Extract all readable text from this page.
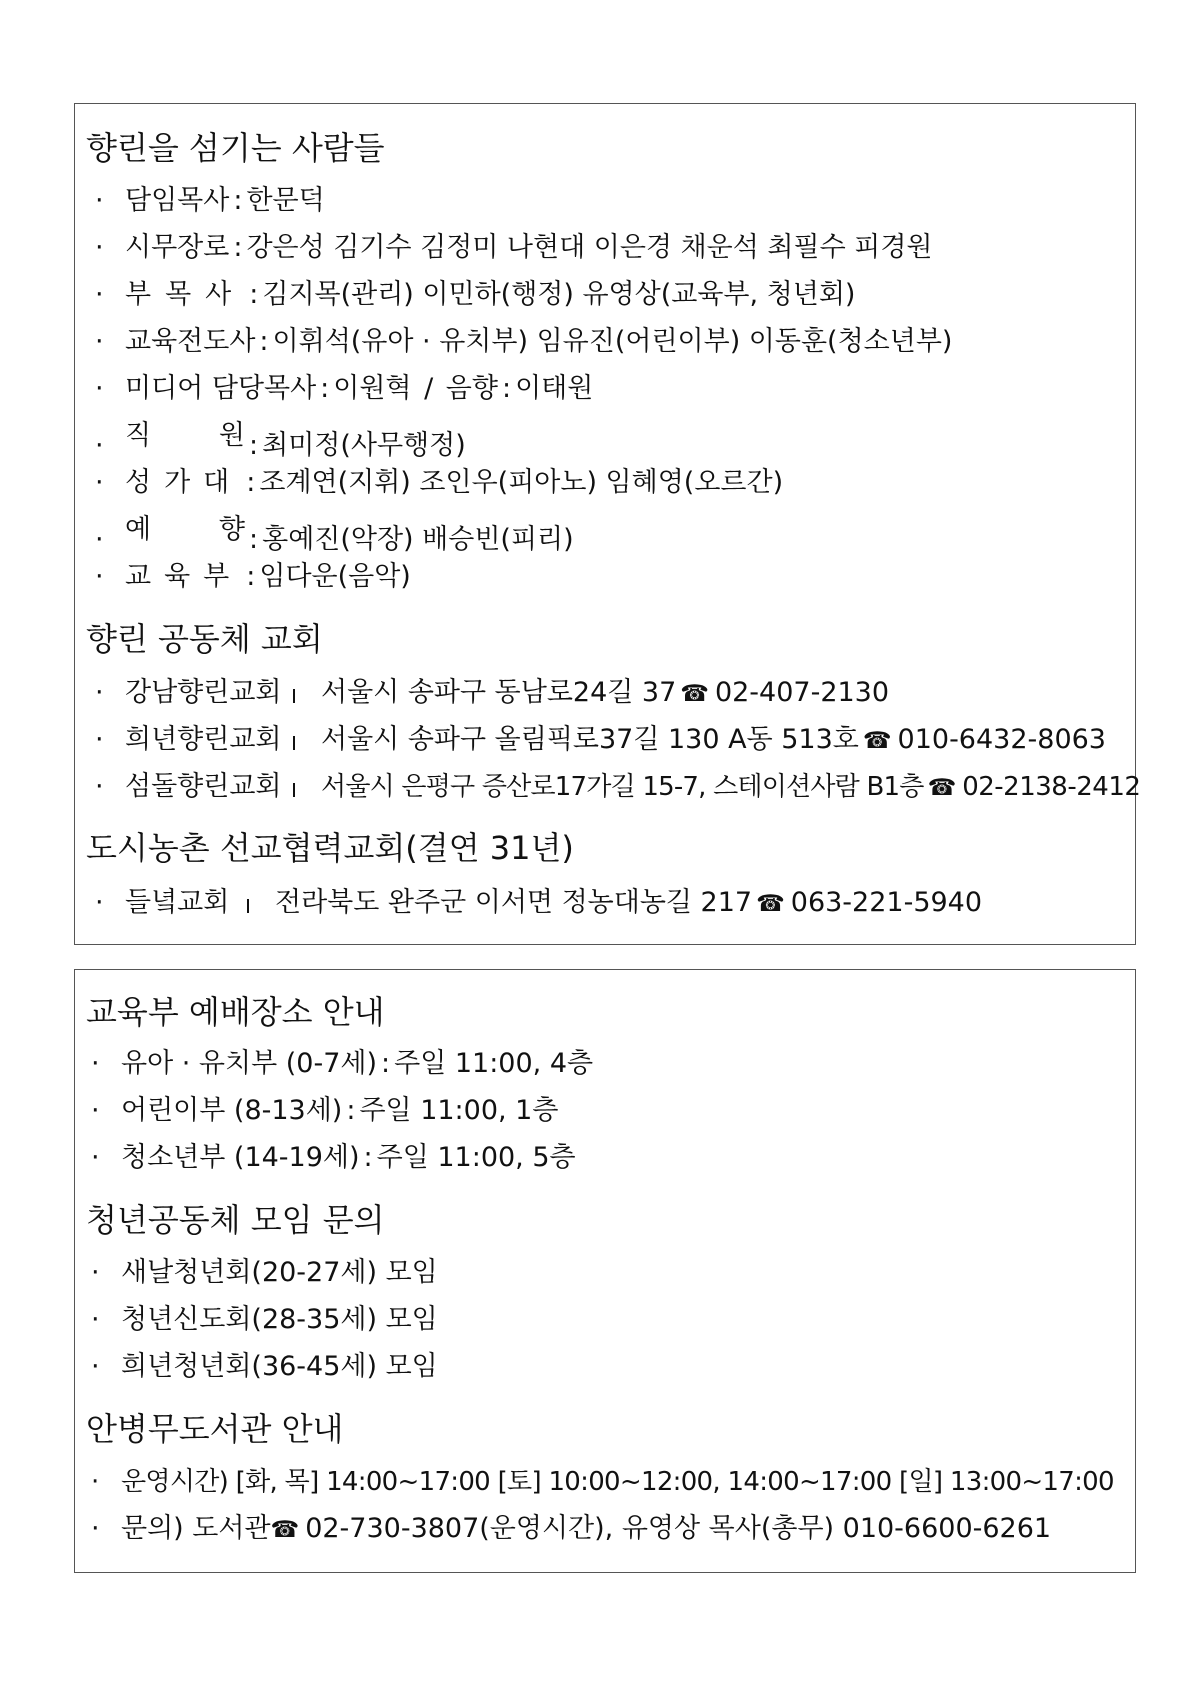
향린을 섬기는 사람들
· 담임목사:한문덕
· 시무장로:강은성 김기수 김정미 나현대 이은경 채운석 최필수 피경원
· 부목사 :김지목(관리) 이민하(행정) 유영상(교육부, 청년회)
· 교육전도사:이휘석(유아 · 유치부) 임유진(어린이부) 이동훈(청소년부)
· 미디어 담당목사:이원혁 / 음향:이태원
· 직	원 :최미정(사무행정)
· 성가대 :조계연(지휘) 조인우(피아노) 임혜영(오르간)
· 예	향 :홍예진(악장) 배승빈(피리)
· 교육부 :임다운(음악)
향린 공동체 교회
· 강남향린교회 서울시 송파구 동남로24길 37 ☎ 02-407-2130
· 희년향린교회 서울시 송파구 올림픽로37길 130 A동 513호 ☎ 010-6432-8063
· 섬돌향린교회 서울시 은평구 증산로17가길 15-7, 스테이션사람 B1층 ☎ 02-2138-2412
도시농촌 선교협력교회(결연 31년)
· 들녘교회 전라북도 완주군 이서면 정농대농길 217 ☎ 063-221-5940
교육부 예배장소 안내
· 유아 · 유치부 (0-7세):주일 11:00, 4층
· 어린이부 (8-13세):주일 11:00, 1층
· 청소년부 (14-19세):주일 11:00, 5층
청년공동체 모임 문의
· 새날청년회(20-27세) 모임
· 청년신도회(28-35세) 모임
· 희년청년회(36-45세) 모임
안병무도서관 안내
· 운영시간) [화, 목] 14:00~17:00 [토] 10:00~12:00, 14:00~17:00 [일] 13:00~17:00
· 문의) 도서관☎ 02-730-3807(운영시간), 유영상 목사(총무) 010-6600-6261
